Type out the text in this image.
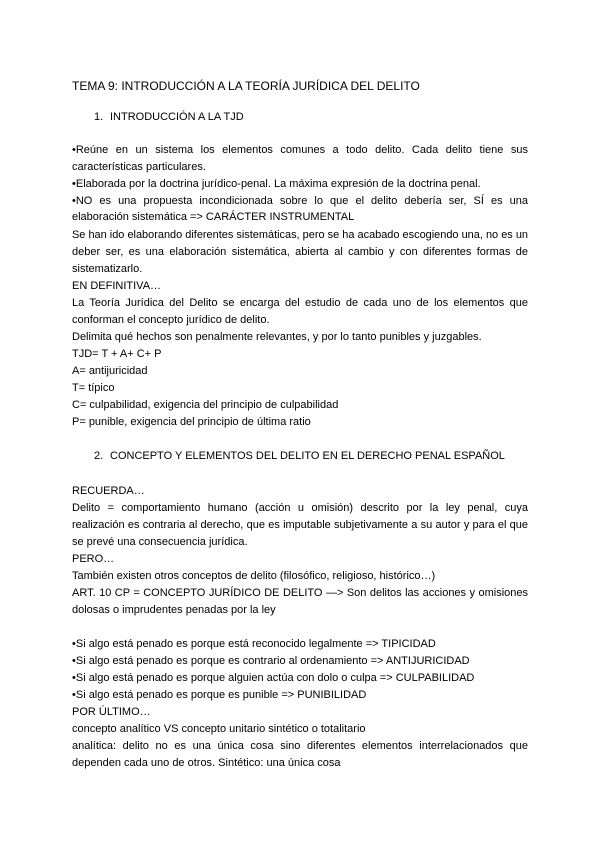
TEMA 9: INTRODUCCIÓN A LA TEORÍA JURÍDICA DEL DELITO
1. INTRODUCCIÓN A LA TJD
•Reúne en un sistema los elementos comunes a todo delito. Cada delito tiene sus
características particulares.
•Elaborada por la doctrina jurídico-penal. La máxima expresión de la doctrina penal.
•NO es una propuesta incondicionada sobre lo que el delito debería ser, SÍ es una
elaboración sistemática => CARÁCTER INSTRUMENTAL
Se han ido elaborando diferentes sistemáticas, pero se ha acabado escogiendo una, no es un
deber ser, es una elaboración sistemática, abierta al cambio y con diferentes formas de
sistematizarlo.
EN DEFINITIVA…
La Teoría Jurídica del Delito se encarga del estudio de cada uno de los elementos que
conforman el concepto jurídico de delito.
Delimita qué hechos son penalmente relevantes, y por lo tanto punibles y juzgables.
TJD= T + A+ C+ P
A= antijuricidad
T= típico
C= culpabilidad, exigencia del principio de culpabilidad
P= punible, exigencia del principio de última ratio
2. CONCEPTO Y ELEMENTOS DEL DELITO EN EL DERECHO PENAL ESPAÑOL
RECUERDA…
Delito = comportamiento humano (acción u omisión) descrito por la ley penal, cuya
realización es contraria al derecho, que es imputable subjetivamente a su autor y para el que
se prevé una consecuencia jurídica.
PERO…
También existen otros conceptos de delito (filosófico, religioso, histórico…)
ART. 10 CP = CONCEPTO JURÍDICO DE DELITO —> Son delitos las acciones y omisiones
dolosas o imprudentes penadas por la ley
•Si algo está penado es porque está reconocido legalmente => TIPICIDAD
•Si algo está penado es porque es contrario al ordenamiento => ANTIJURICIDAD
•Si algo está penado es porque alguien actúa con dolo o culpa => CULPABILIDAD
•Si algo está penado es porque es punible => PUNIBILIDAD
POR ÚLTIMO…
concepto analítico VS concepto unitario sintético o totalitario
analítica: delito no es una única cosa sino diferentes elementos interrelacionados que
dependen cada uno de otros. Sintético: una única cosa
